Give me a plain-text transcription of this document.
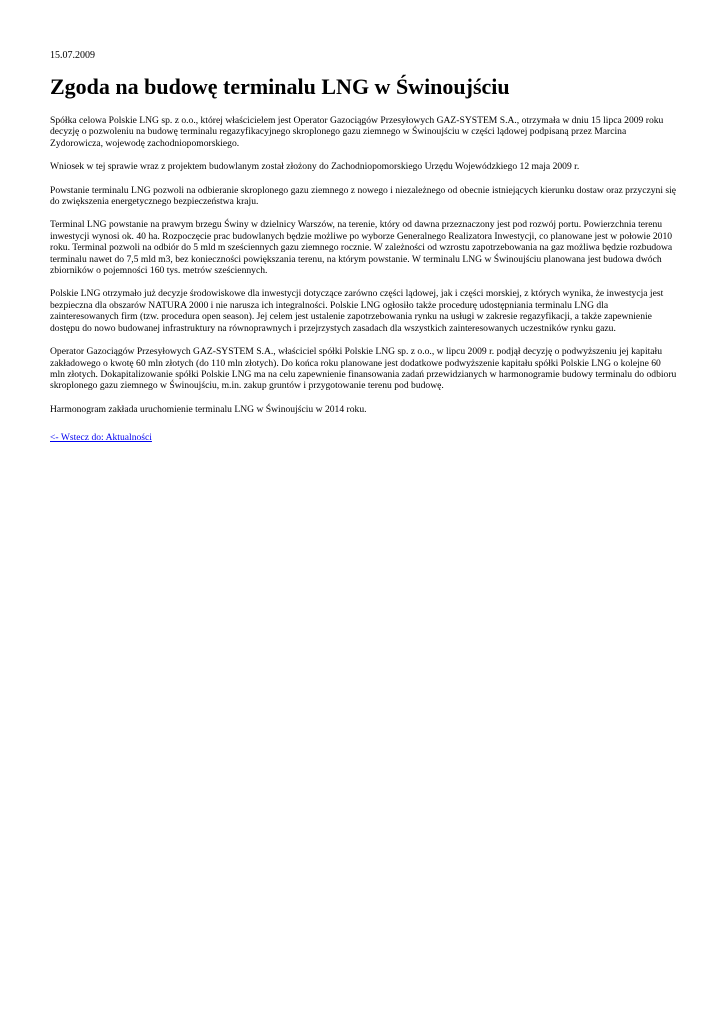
15.07.2009
Zgoda na budowę terminalu LNG w Świnoujściu

Spółka celowa Polskie LNG sp. z o.o., której właścicielem jest Operator Gazociągów Przesyłowych GAZ-SYSTEM S.A., otrzymała w dniu 15 lipca 2009 roku decyzję o pozwoleniu na budowę terminalu regazyfikacyjnego skroplonego gazu ziemnego w Świnoujściu w części lądowej podpisaną przez Marcina Zydorowicza, wojewodę zachodniopomorskiego.

Wniosek w tej sprawie wraz z projektem budowlanym został złożony do Zachodniopomorskiego Urzędu Wojewódzkiego 12 maja 2009 r.

Powstanie terminalu LNG pozwoli na odbieranie skroplonego gazu ziemnego z nowego i niezależnego od obecnie istniejących kierunku dostaw oraz przyczyni się do zwiększenia energetycznego bezpieczeństwa kraju.

Terminal LNG powstanie na prawym brzegu Świny w dzielnicy Warszów, na terenie, który od dawna przeznaczony jest pod rozwój portu. Powierzchnia terenu inwestycji wynosi ok. 40 ha. Rozpoczęcie prac budowlanych będzie możliwe po wyborze Generalnego Realizatora Inwestycji, co planowane jest w połowie 2010 roku. Terminal pozwoli na odbiór do 5 mld m sześciennych gazu ziemnego rocznie. W zależności od wzrostu zapotrzebowania na gaz możliwa będzie rozbudowa terminalu nawet do 7,5 mld m3, bez konieczności powiększania terenu, na którym powstanie. W terminalu LNG w Świnoujściu planowana jest budowa dwóch zbiorników o pojemności 160 tys. metrów sześciennych.

Polskie LNG otrzymało już decyzje środowiskowe dla inwestycji dotyczące zarówno części lądowej, jak i części morskiej, z których wynika, że inwestycja jest bezpieczna dla obszarów NATURA 2000 i nie narusza ich integralności. Polskie LNG ogłosiło także procedurę udostępniania terminalu LNG dla zainteresowanych firm (tzw. procedura open season). Jej celem jest ustalenie zapotrzebowania rynku na usługi w zakresie regazyfikacji, a także zapewnienie dostępu do nowo budowanej infrastruktury na równoprawnych i przejrzystych zasadach dla wszystkich zainteresowanych uczestników rynku gazu.

Operator Gazociągów Przesyłowych GAZ-SYSTEM S.A., właściciel spółki Polskie LNG sp. z o.o., w lipcu 2009 r. podjął decyzję o podwyższeniu jej kapitału zakładowego o kwotę 60 mln złotych (do 110 mln złotych). Do końca roku planowane jest dodatkowe podwyższenie kapitału spółki Polskie LNG o kolejne 60 mln złotych. Dokapitalizowanie spółki Polskie LNG ma na celu zapewnienie finansowania zadań przewidzianych w harmonogramie budowy terminalu do odbioru skroplonego gazu ziemnego w Świnoujściu, m.in. zakup gruntów i przygotowanie terenu pod budowę.

Harmonogram zakłada uruchomienie terminalu LNG w Świnoujściu w 2014 roku.

<- Wstecz do: Aktualności
